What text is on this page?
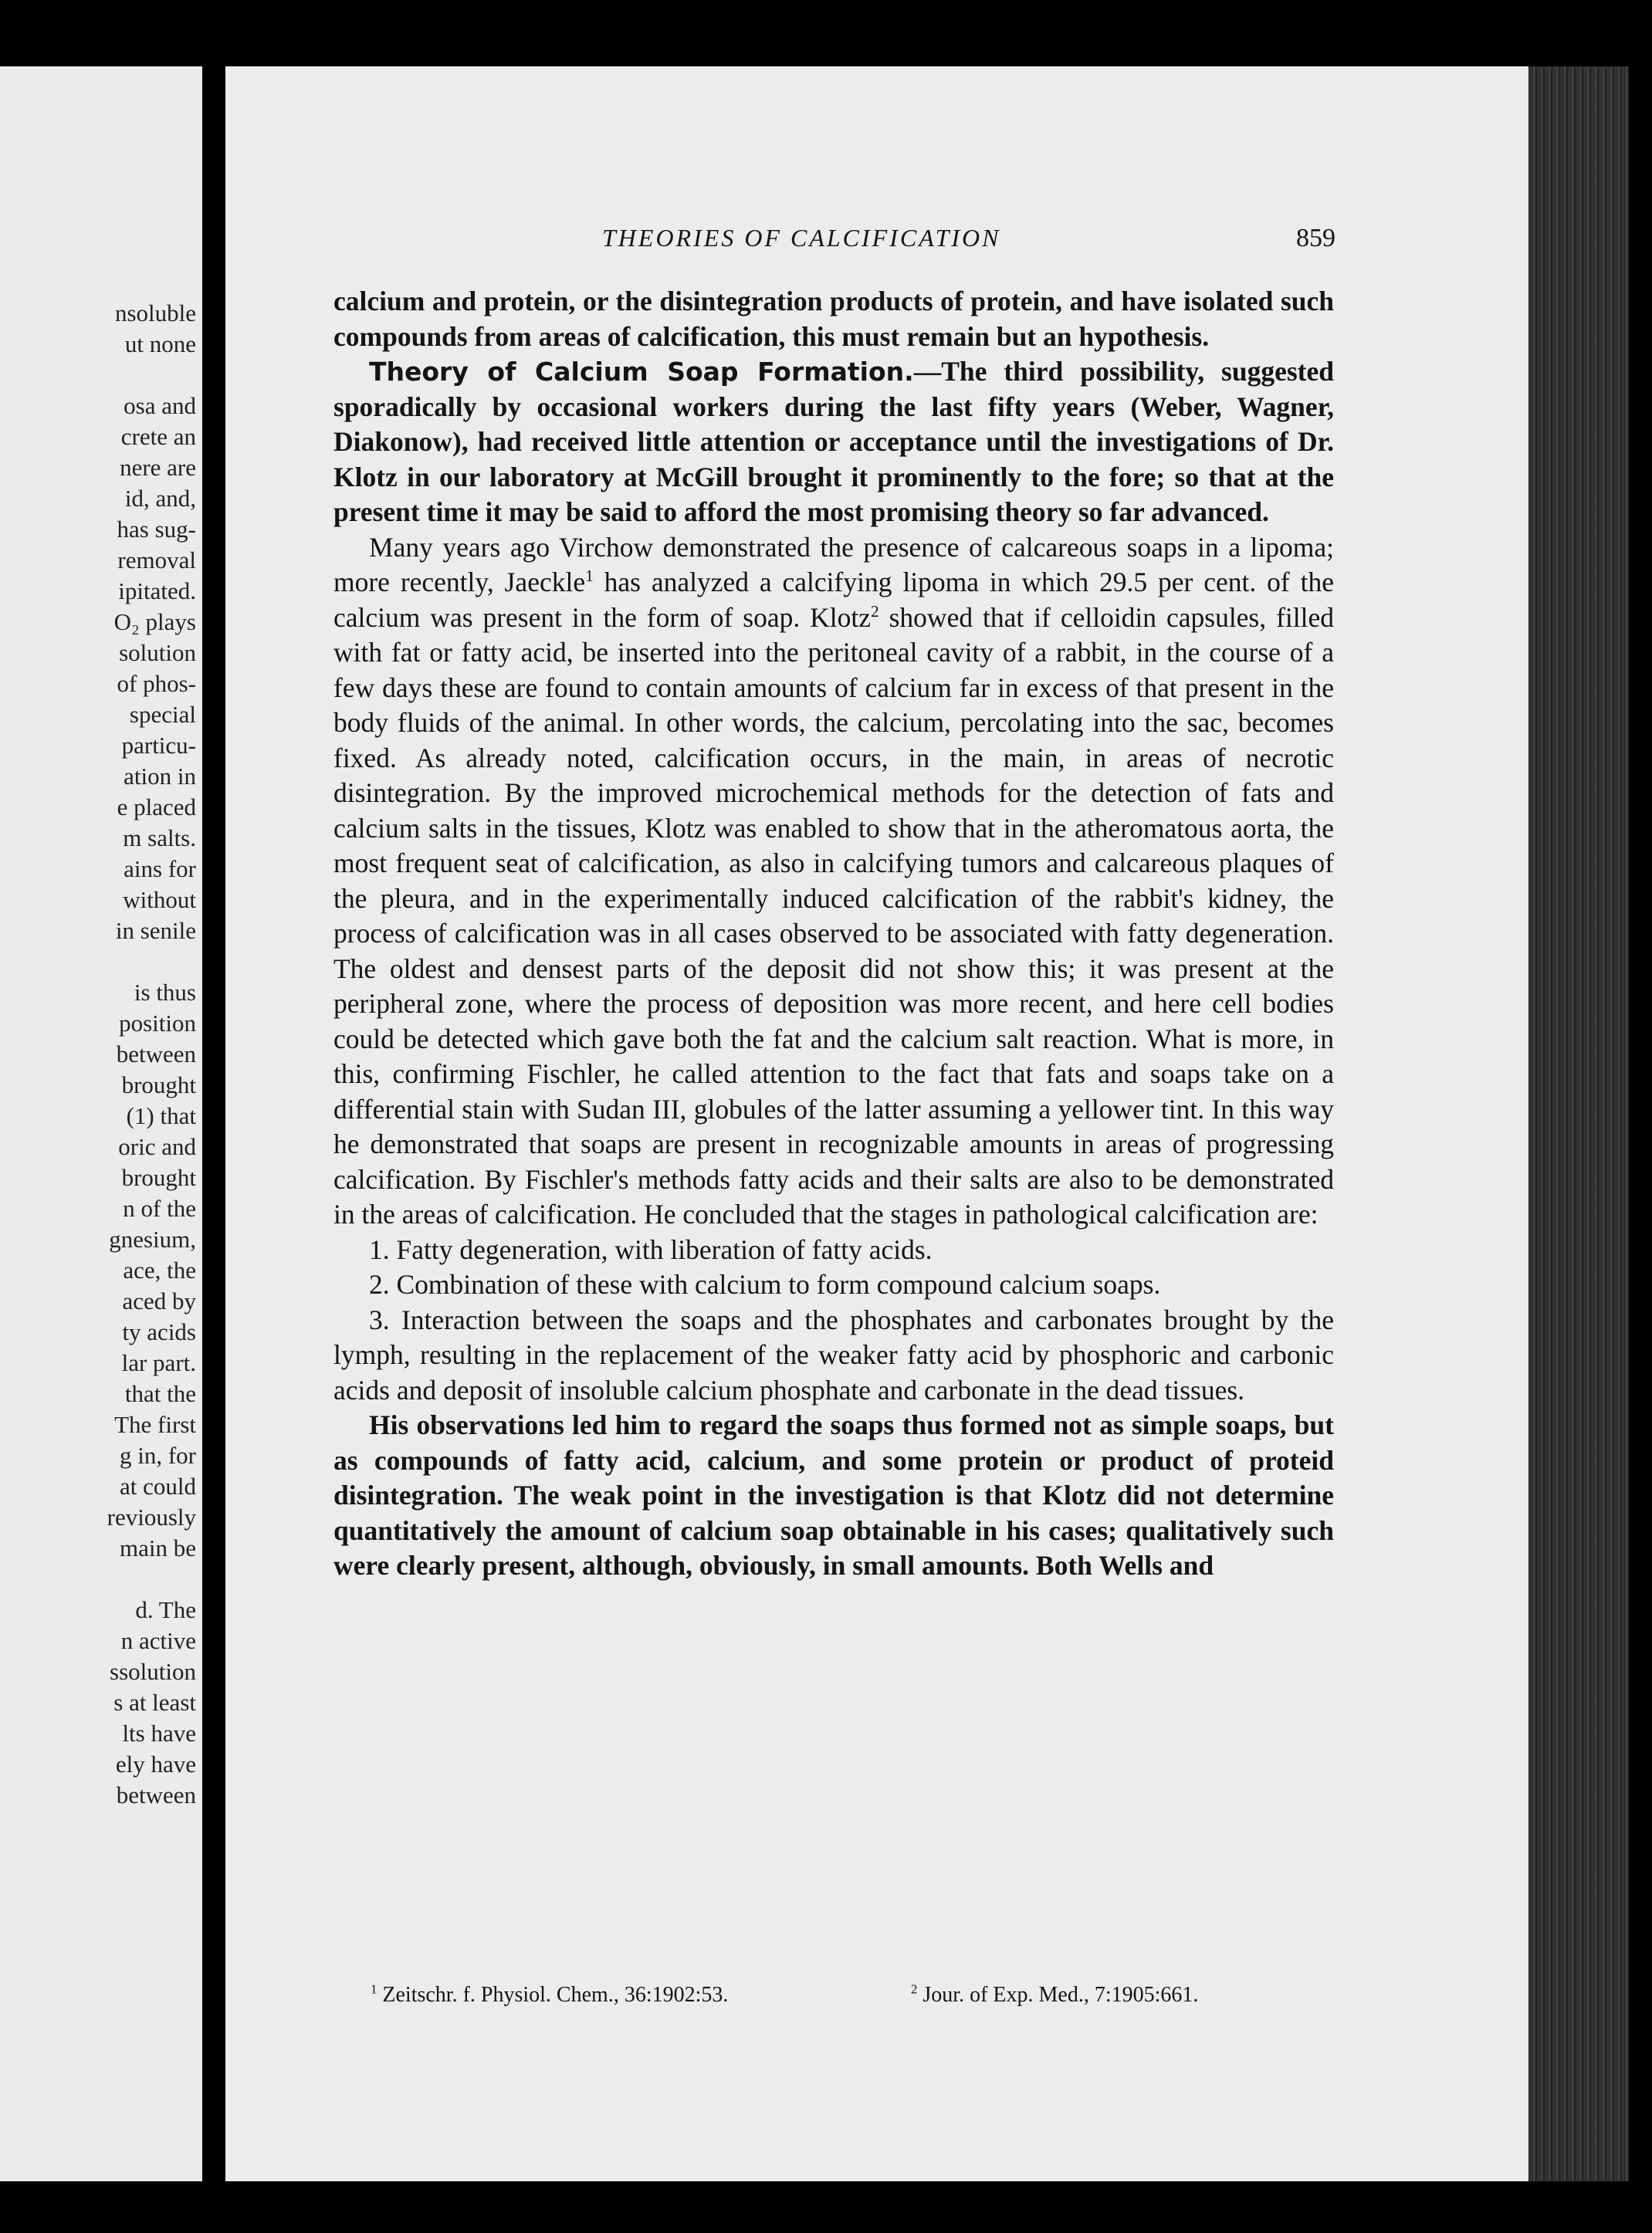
nsoluble
ut none
osa and
crete an
nere are
id, and,
has sug-
removal
ipitated.
O₂ plays
solution
of phos-
special
particu-
ation in
e placed
m salts.
ains for
without
in senile
is thus
position
between
brought
(1) that
oric and
brought
n of the
gnesium,
ace, the
aced by
ty acids
lar part.
that the
The first
g in, for
at could
reviously
main be
d. The
n active
ssolution
s at least
lts have
ely have
between
THEORIES OF CALCIFICATION	859

calcium and protein, or the disintegration products of protein, and have isolated such compounds from areas of calcification, this must remain but an hypothesis.

Theory of Calcium Soap Formation.—The third possibility, suggested sporadically by occasional workers during the last fifty years (Weber, Wagner, Diakonow), had received little attention or acceptance until the investigations of Dr. Klotz in our laboratory at McGill brought it prominently to the fore; so that at the present time it may be said to afford the most promising theory so far advanced.

Many years ago Virchow demonstrated the presence of calcareous soaps in a lipoma; more recently, Jaeckle$^1$ has analyzed a calcifying lipoma in which 29.5 per cent. of the calcium was present in the form of soap. Klotz$^2$ showed that if celloidin capsules, filled with fat or fatty acid, be inserted into the peritoneal cavity of a rabbit, in the course of a few days these are found to contain amounts of calcium far in excess of that present in the body fluids of the animal. In other words, the calcium, percolating into the sac, becomes fixed. As already noted, calcification occurs, in the main, in areas of necrotic disintegration. By the improved microchemical methods for the detection of fats and calcium salts in the tissues, Klotz was enabled to show that in the atheromatous aorta, the most frequent seat of calcification, as also in calcifying tumors and calcareous plaques of the pleura, and in the experimentally induced calcification of the rabbit's kidney, the process of calcification was in all cases observed to be associated with fatty degeneration. The oldest and densest parts of the deposit did not show this; it was present at the peripheral zone, where the process of deposition was more recent, and here cell bodies could be detected which gave both the fat and the calcium salt reaction. What is more, in this, confirming Fischler, he called attention to the fact that fats and soaps take on a differential stain with Sudan III, globules of the latter assuming a yellower tint. In this way he demonstrated that soaps are present in recognizable amounts in areas of progressing calcification. By Fischler's methods fatty acids and their salts are also to be demonstrated in the areas of calcification. He concluded that the stages in pathological calcification are:

1. Fatty degeneration, with liberation of fatty acids.

2. Combination of these with calcium to form compound calcium soaps.

3. Interaction between the soaps and the phosphates and carbonates brought by the lymph, resulting in the replacement of the weaker fatty acid by phosphoric and carbonic acids and deposit of insoluble calcium phosphate and carbonate in the dead tissues.

His observations led him to regard the soaps thus formed not as simple soaps, but as compounds of fatty acid, calcium, and some protein or product of proteid disintegration. The weak point in the investigation is that Klotz did not determine quantitatively the amount of calcium soap obtainable in his cases; qualitatively such were clearly present, although, obviously, in small amounts. Both Wells and

$^1$ Zeitschr. f. Physiol. Chem., 36:1902:53.	$^2$ Jour. of Exp. Med., 7:1905:661.
